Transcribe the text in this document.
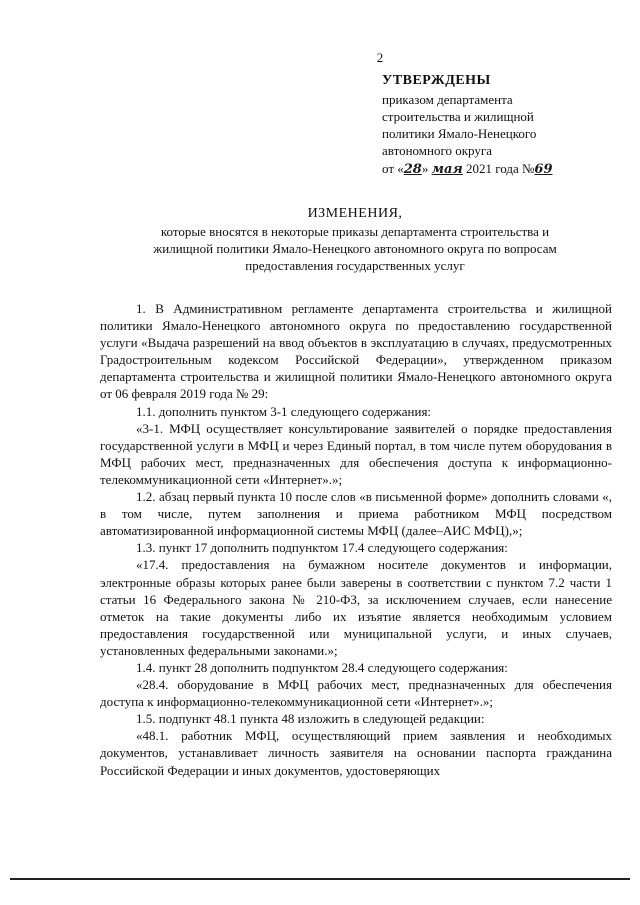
2
УТВЕРЖДЕНЫ
приказом департамента
строительства и жилищной
политики Ямало-Ненецкого
автономного округа
от «28» мая 2021 года №69
ИЗМЕНЕНИЯ,
которые вносятся в некоторые приказы департамента строительства и
жилищной политики Ямало-Ненецкого автономного округа по вопросам
предоставления государственных услуг

1. В Административном регламенте департамента строительства и жилищной политики Ямало-Ненецкого автономного округа по предоставлению государственной услуги «Выдача разрешений на ввод объектов в эксплуатацию в случаях, предусмотренных Градостроительным кодексом Российской Федерации», утвержденном приказом департамента строительства и жилищной политики Ямало-Ненецкого автономного округа от 06 февраля 2019 года № 29:

1.1. дополнить пунктом 3-1 следующего содержания:

«3-1. МФЦ осуществляет консультирование заявителей о порядке предоставления государственной услуги в МФЦ и через Единый портал, в том числе путем оборудования в МФЦ рабочих мест, предназначенных для обеспечения доступа к информационно-телекоммуникационной сети «Интернет».»;

1.2. абзац первый пункта 10 после слов «в письменной форме» дополнить словами «, в том числе, путем заполнения и приема работником МФЦ посредством автоматизированной информационной системы МФЦ (далее–АИС МФЦ),»;

1.3. пункт 17 дополнить подпунктом 17.4 следующего содержания:

«17.4. предоставления на бумажном носителе документов и информации, электронные образы которых ранее были заверены в соответствии с пунктом 7.2 части 1 статьи 16 Федерального закона № 210-ФЗ, за исключением случаев, если нанесение отметок на такие документы либо их изъятие является необходимым условием предоставления государственной или муниципальной услуги, и иных случаев, установленных федеральными законами.»;

1.4. пункт 28 дополнить подпунктом 28.4 следующего содержания:

«28.4. оборудование в МФЦ рабочих мест, предназначенных для обеспечения доступа к информационно-телекоммуникационной сети «Интернет».»;

1.5. подпункт 48.1 пункта 48 изложить в следующей редакции:

«48.1. работник МФЦ, осуществляющий прием заявления и необходимых документов, устанавливает личность заявителя на основании паспорта гражданина Российской Федерации и иных документов, удостоверяющих
